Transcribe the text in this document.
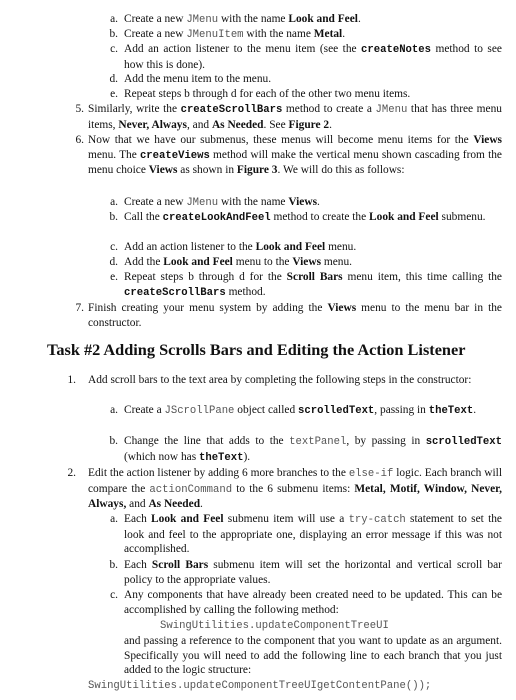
a. Create a new JMenu with the name Look and Feel.
b. Create a new JMenuItem with the name Metal.
c. Add an action listener to the menu item (see the createNotes method to see how this is done).
d. Add the menu item to the menu.
e. Repeat steps b through d for each of the other two menu items.
5. Similarly, write the createScrollBars method to create a JMenu that has three menu items, Never, Always, and As Needed. See Figure 2.
6. Now that we have our submenus, these menus will become menu items for the Views menu. The createViews method will make the vertical menu shown cascading from the menu choice Views as shown in Figure 3. We will do this as follows:
a. Create a new JMenu with the name Views.
b. Call the createLookAndFeel method to create the Look and Feel submenu.
c. Add an action listener to the Look and Feel menu.
d. Add the Look and Feel menu to the Views menu.
e. Repeat steps b through d for the Scroll Bars menu item, this time calling the createScrollBars method.
7. Finish creating your menu system by adding the Views menu to the menu bar in the constructor.
Task #2 Adding Scrolls Bars and Editing the Action Listener
1. Add scroll bars to the text area by completing the following steps in the constructor:
a. Create a JScrollPane object called scrolledText, passing in theText.
b. Change the line that adds to the textPanel, by passing in scrolledText (which now has theText).
2. Edit the action listener by adding 6 more branches to the else-if logic. Each branch will compare the actionCommand to the 6 submenu items: Metal, Motif, Window, Never, Always, and As Needed.
a. Each Look and Feel submenu item will use a try-catch statement to set the look and feel to the appropriate one, displaying an error message if this was not accomplished.
b. Each Scroll Bars submenu item will set the horizontal and vertical scroll bar policy to the appropriate values.
c. Any components that have already been created need to be updated. This can be accomplished by calling the following method:
SwingUtilities.updateComponentTreeUI
and passing a reference to the component that you want to update as an argument. Specifically you will need to add the following line to each branch that you just added to the logic structure:
SwingUtilities.updateComponentTreeUIgetContentPane());
